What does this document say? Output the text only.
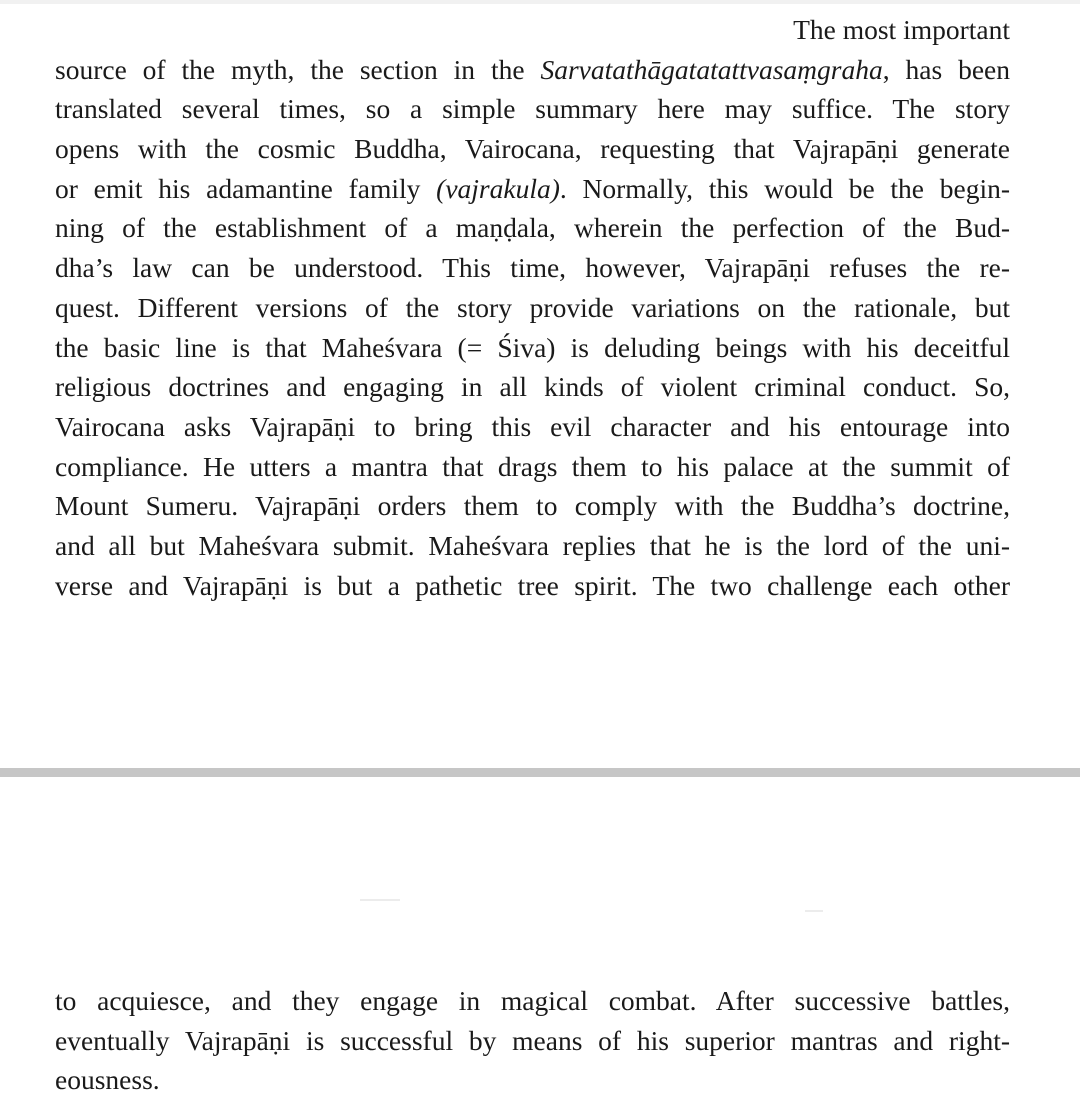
The most important
source of the myth, the section in the Sarvatathāgatatattvasaṃgraha, has been
translated several times, so a simple summary here may suffice. The story
opens with the cosmic Buddha, Vairocana, requesting that Vajrapāṇi generate
or emit his adamantine family (vajrakula). Normally, this would be the begin-
ning of the establishment of a maṇḍala, wherein the perfection of the Bud-
dha’s law can be understood. This time, however, Vajrapāṇi refuses the re-
quest. Different versions of the story provide variations on the rationale, but
the basic line is that Maheśvara (= Śiva) is deluding beings with his deceitful
religious doctrines and engaging in all kinds of violent criminal conduct. So,
Vairocana asks Vajrapāṇi to bring this evil character and his entourage into
compliance. He utters a mantra that drags them to his palace at the summit of
Mount Sumeru. Vajrapāṇi orders them to comply with the Buddha’s doctrine,
and all but Maheśvara submit. Maheśvara replies that he is the lord of the uni-
verse and Vajrapāṇi is but a pathetic tree spirit. The two challenge each other
to acquiesce, and they engage in magical combat. After successive battles,
eventually Vajrapāṇi is successful by means of his superior mantras and right-
eousness.
